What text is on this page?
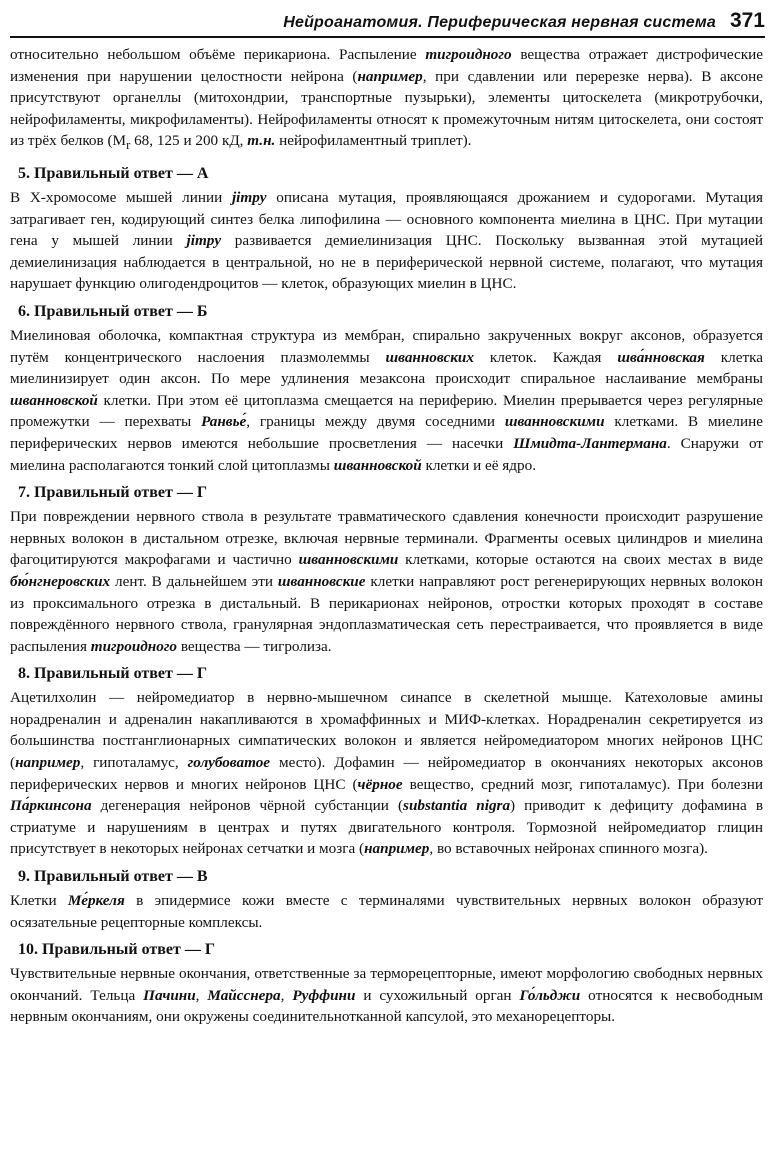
Нейроанатомия. Периферическая нервная система 371

относительно небольшом объёме перикариона. Распыление тигроидного вещества отражает дистрофические изменения при нарушении целостности нейрона (например, при сдавлении или перерезке нерва). В аксоне присутствуют органеллы (митохондрии, транспортные пузырьки), элементы цитоскелета (микротрубочки, нейрофиламенты, микрофиламенты). Нейрофиламенты относят к промежуточным нитям цитоскелета, они состоят из трёх белков ($M_r$ 68, 125 и 200 кД, т.н. нейрофиламентный триплет).

5. Правильный ответ — А

В Х-хромосоме мышей линии jimpy описана мутация, проявляющаяся дрожанием и судорогами. Мутация затрагивает ген, кодирующий синтез белка липофилина — основного компонента миелина в ЦНС. При мутации гена у мышей линии jimpy развивается демиелинизация ЦНС. Поскольку вызванная этой мутацией демиелинизация наблюдается в центральной, но не в периферической нервной системе, полагают, что мутация нарушает функцию олигодендроцитов — клеток, образующих миелин в ЦНС.

6. Правильный ответ — Б

Миелиновая оболочка, компактная структура из мембран, спирально закрученных вокруг аксонов, образуется путём концентрического наслоения плазмолеммы шванновских клеток. Каждая шва́нновская клетка миелинизирует один аксон. По мере удлинения мезаксона происходит спиральное наслаивание мембраны шванновской клетки. При этом её цитоплазма смещается на периферию. Миелин прерывается через регулярные промежутки — перехваты Ранвье́, границы между двумя соседними шванновскими клетками. В миелине периферических нервов имеются небольшие просветления — насечки Шмидта-Лантермана. Снаружи от миелина располагаются тонкий слой цитоплазмы шванновской клетки и её ядро.

7. Правильный ответ — Г

При повреждении нервного ствола в результате травматического сдавления конечности происходит разрушение нервных волокон в дистальном отрезке, включая нервные терминали. Фрагменты осевых цилиндров и миелина фагоцитируются макрофагами и частично шванновскими клетками, которые остаются на своих местах в виде бю́нгнеровских лент. В дальнейшем эти шванновские клетки направляют рост регенерирующих нервных волокон из проксимального отрезка в дистальный. В перикарионах нейронов, отростки которых проходят в составе повреждённого нервного ствола, гранулярная эндоплазматическая сеть перестраивается, что проявляется в виде распыления тигроидного вещества — тигролиза.

8. Правильный ответ — Г

Ацетилхолин — нейромедиатор в нервно-мышечном синапсе в скелетной мышце. Катехоловые амины норадреналин и адреналин накапливаются в хромаффинных и МИФ-клетках. Норадреналин секретируется из большинства постганглионарных симпатических волокон и является нейромедиатором многих нейронов ЦНС (например, гипоталамус, голубоватое место). Дофамин — нейромедиатор в окончаниях некоторых аксонов периферических нервов и многих нейронов ЦНС (чёрное вещество, средний мозг, гипоталамус). При болезни Па́ркинсона дегенерация нейронов чёрной субстанции (substantia nigra) приводит к дефициту дофамина в стриатуме и нарушениям в центрах и путях двигательного контроля. Тормозной нейромедиатор глицин присутствует в некоторых нейронах сетчатки и мозга (например, во вставочных нейронах спинного мозга).

9. Правильный ответ — В

Клетки Ме́ркеля в эпидермисе кожи вместе с терминалями чувствительных нервных волокон образуют осязательные рецепторные комплексы.

10. Правильный ответ — Г

Чувствительные нервные окончания, ответственные за терморецепторные, имеют морфологию свободных нервных окончаний. Тельца Пачини, Майсснера, Руффини и сухожильный орган Го́льджи относятся к несвободным нервным окончаниям, они окружены соединительнотканной капсулой, это механорецепторы.
